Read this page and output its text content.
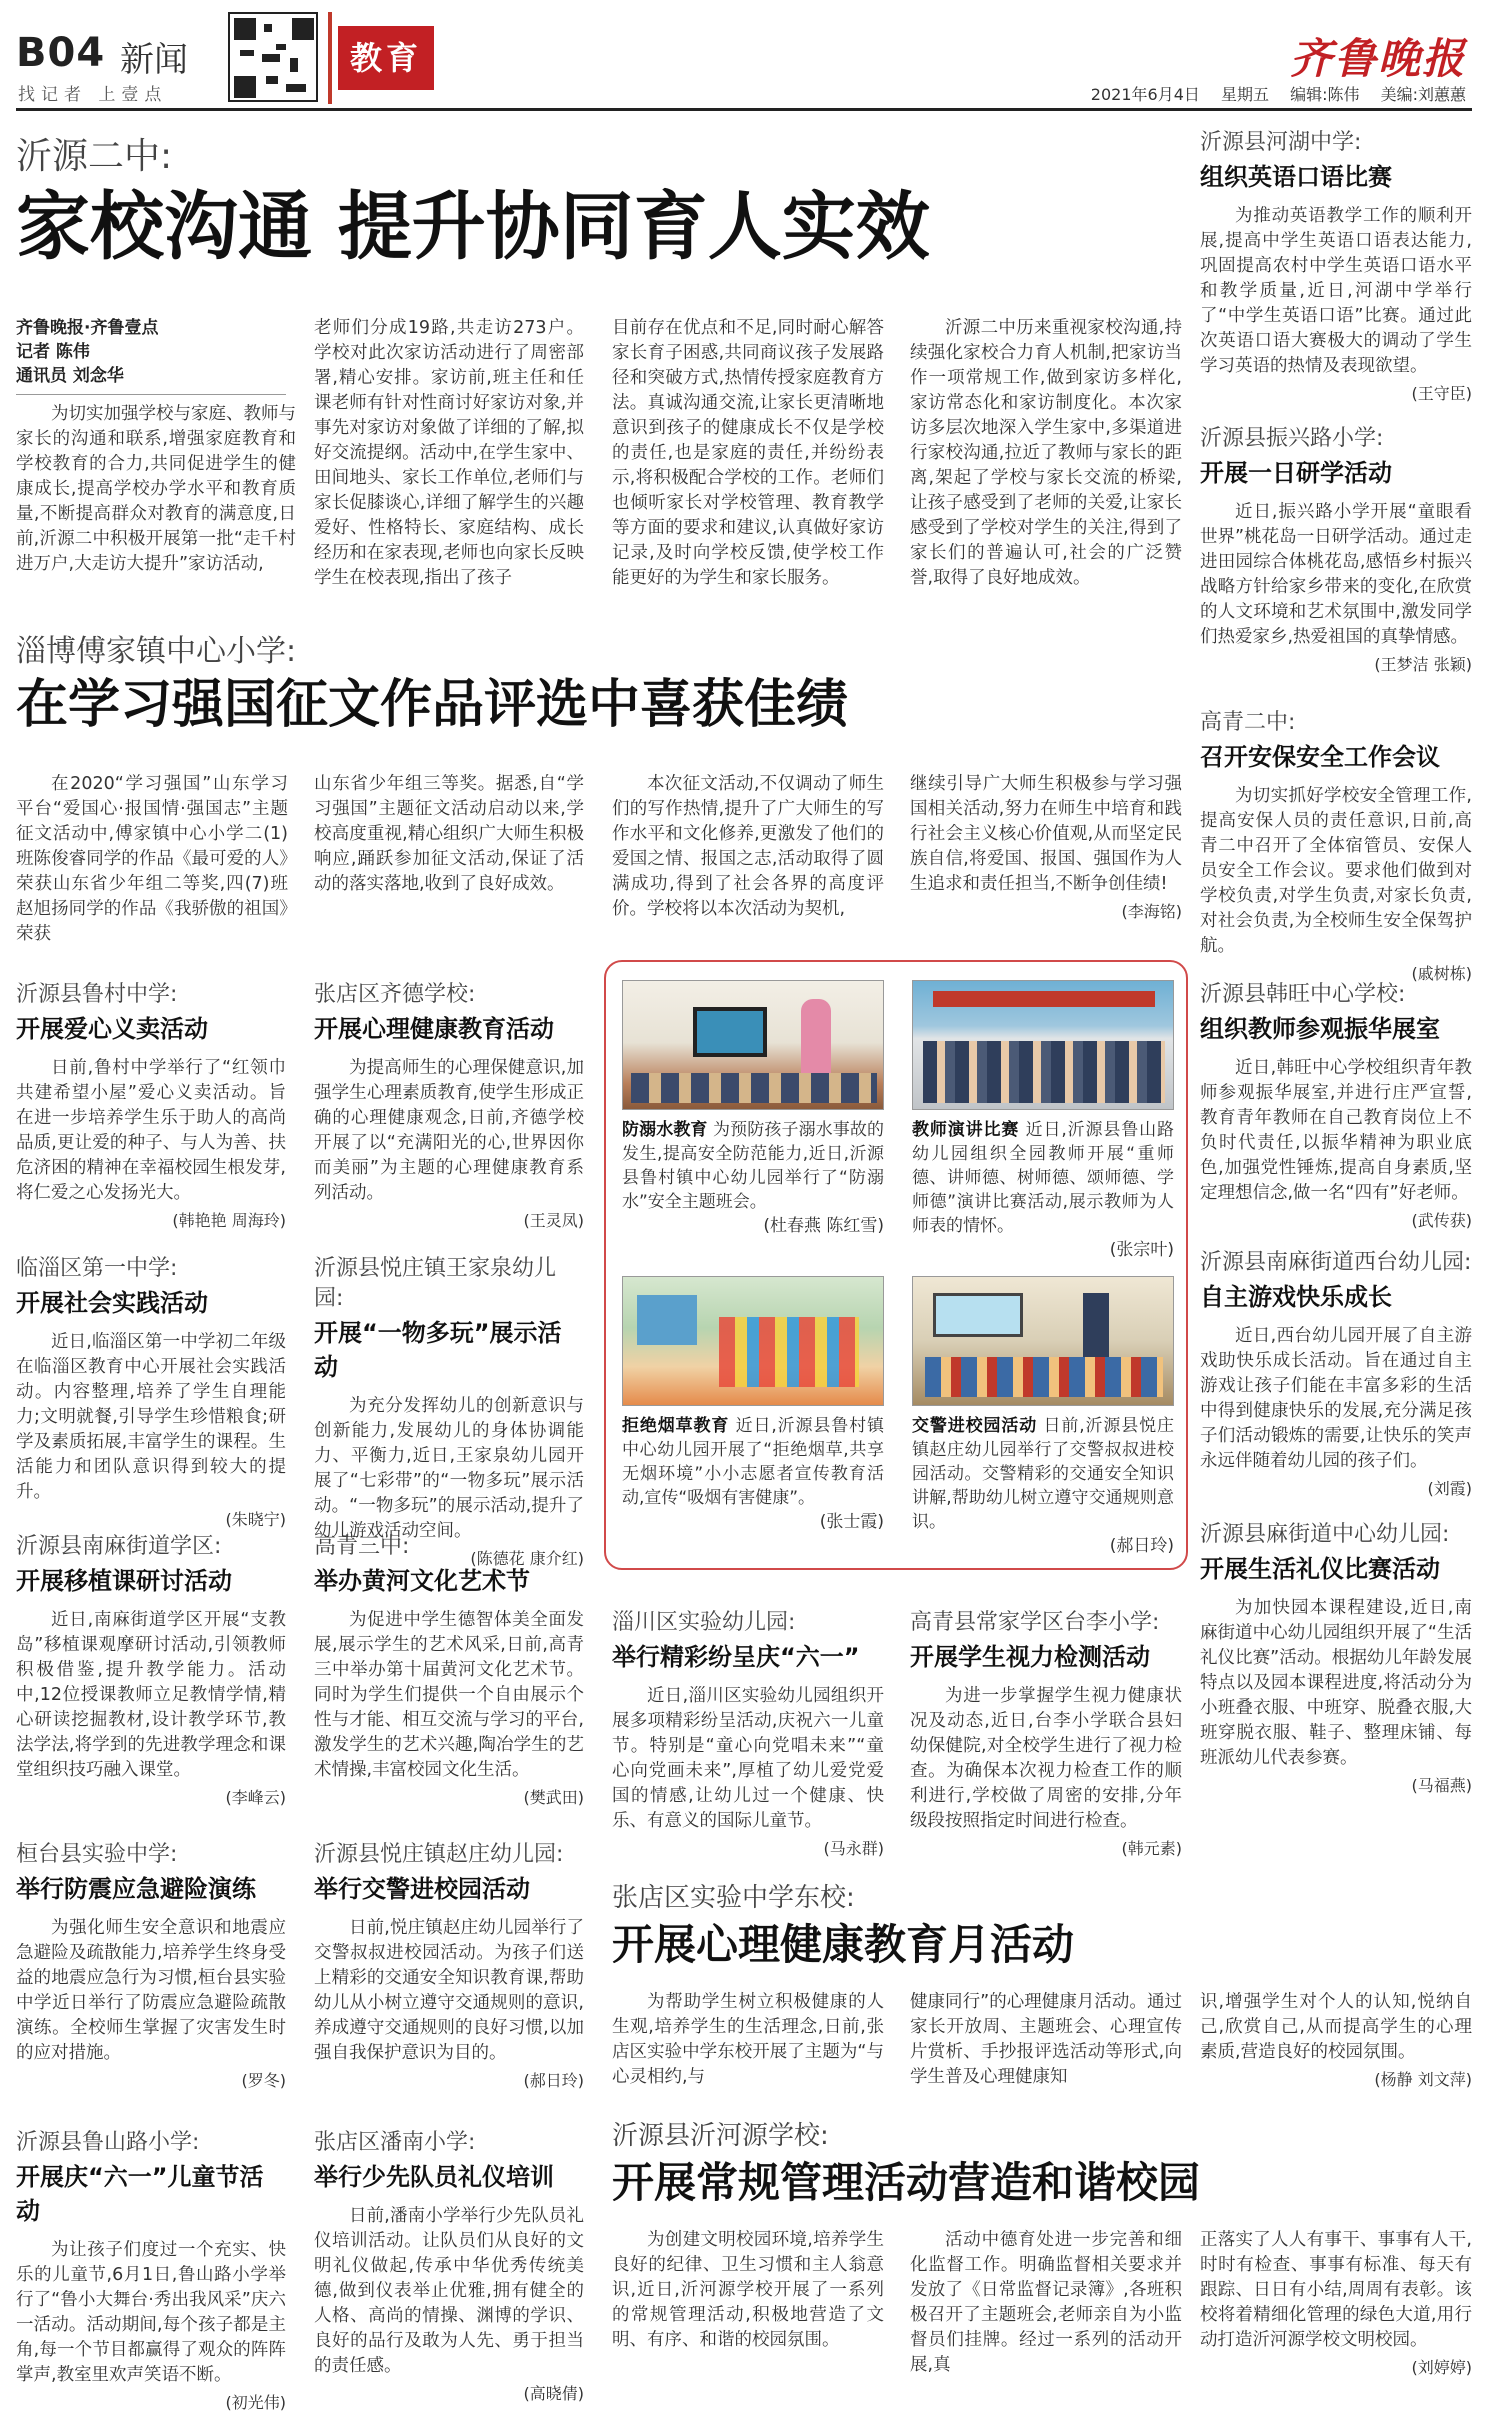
B04 新闻
找记者 上壹点
教育	齐鲁晚报
2021年6月4日 星期五 编辑:陈伟 美编:刘蕙蕙
沂源二中:
家校沟通 提升协同育人实效
齐鲁晚报·齐鲁壹点
记者 陈伟
通讯员 刘念华
为切实加强学校与家庭、教师与家长的沟通和联系,增强家庭教育和学校教育的合力,共同促进学生的健康成长,提高学校办学水平和教育质量,不断提高群众对教育的满意度,日前,沂源二中积极开展第一批“走千村进万户,大走访大提升”家访活动,
老师们分成19路,共走访273户。学校对此次家访活动进行了周密部署,精心安排。家访前,班主任和任课老师有针对性商讨好家访对象,并事先对家访对象做了详细的了解,拟好交流提纲。活动中,在学生家中、田间地头、家长工作单位,老师们与家长促膝谈心,详细了解学生的兴趣爱好、性格特长、家庭结构、成长经历和在家表现,老师也向家长反映学生在校表现,指出了孩子
目前存在优点和不足,同时耐心解答家长育子困惑,共同商议孩子发展路径和突破方式,热情传授家庭教育方法。真诚沟通交流,让家长更清晰地意识到孩子的健康成长不仅是学校的责任,也是家庭的责任,并纷纷表示,将积极配合学校的工作。老师们也倾听家长对学校管理、教育教学等方面的要求和建议,认真做好家访记录,及时向学校反馈,使学校工作能更好的为学生和家长服务。
沂源二中历来重视家校沟通,持续强化家校合力育人机制,把家访当作一项常规工作,做到家访多样化,家访常态化和家访制度化。本次家访多层次地深入学生家中,多渠道进行家校沟通,拉近了教师与家长的距离,架起了学校与家长交流的桥梁,让孩子感受到了老师的关爱,让家长感受到了学校对学生的关注,得到了家长们的普遍认可,社会的广泛赞誉,取得了良好地成效。
淄博傅家镇中心小学:
在学习强国征文作品评选中喜获佳绩
在2020“学习强国”山东学习平台“爱国心·报国情·强国志”主题征文活动中,傅家镇中心小学二(1)班陈俊睿同学的作品《最可爱的人》荣获山东省少年组二等奖,四(7)班赵旭扬同学的作品《我骄傲的祖国》荣获
山东省少年组三等奖。据悉,自“学习强国”主题征文活动启动以来,学校高度重视,精心组织广大师生积极响应,踊跃参加征文活动,保证了活动的落实落地,收到了良好成效。
本次征文活动,不仅调动了师生们的写作热情,提升了广大师生的写作水平和文化修养,更激发了他们的爱国之情、报国之志,活动取得了圆满成功,得到了社会各界的高度评价。学校将以本次活动为契机,
继续引导广大师生积极参与学习强国相关活动,努力在师生中培育和践行社会主义核心价值观,从而坚定民族自信,将爱国、报国、强国作为人生追求和责任担当,不断争创佳绩!
(李海铭)
沂源县河湖中学:
组织英语口语比赛
为推动英语教学工作的顺利开展,提高中学生英语口语表达能力,巩固提高农村中学生英语口语水平和教学质量,近日,河湖中学举行了“中学生英语口语”比赛。通过此次英语口语大赛极大的调动了学生学习英语的热情及表现欲望。
(王守臣)
沂源县振兴路小学:
开展一日研学活动
近日,振兴路小学开展“童眼看世界”桃花岛一日研学活动。通过走进田园综合体桃花岛,感悟乡村振兴战略方针给家乡带来的变化,在欣赏的人文环境和艺术氛围中,激发同学们热爱家乡,热爱祖国的真挚情感。
(王梦洁 张颖)
高青二中:
召开安保安全工作会议
为切实抓好学校安全管理工作,提高安保人员的责任意识,日前,高青二中召开了全体宿管员、安保人员安全工作会议。要求他们做到对学校负责,对学生负责,对家长负责,对社会负责,为全校师生安全保驾护航。
(戚树栋)
沂源县韩旺中心学校:
组织教师参观振华展室
近日,韩旺中心学校组织青年教师参观振华展室,并进行庄严宣誓,教育青年教师在自己教育岗位上不负时代责任,以振华精神为职业底色,加强党性锤炼,提高自身素质,坚定理想信念,做一名“四有”好老师。
(武传获)
沂源县南麻街道西台幼儿园:
自主游戏快乐成长
近日,西台幼儿园开展了自主游戏助快乐成长活动。旨在通过自主游戏让孩子们能在丰富多彩的生活中得到健康快乐的发展,充分满足孩子们活动锻炼的需要,让快乐的笑声永远伴随着幼儿园的孩子们。
(刘霞)
沂源县麻街道中心幼儿园:
开展生活礼仪比赛活动
为加快园本课程建设,近日,南麻街道中心幼儿园组织开展了“生活礼仪比赛”活动。根据幼儿年龄发展特点以及园本课程进度,将活动分为小班叠衣服、中班穿、脱叠衣服,大班穿脱衣服、鞋子、整理床铺、每班派幼儿代表参赛。
(马福燕)
沂源县鲁村中学:
开展爱心义卖活动
日前,鲁村中学举行了“红领巾共建希望小屋”爱心义卖活动。旨在进一步培养学生乐于助人的高尚品质,更让爱的种子、与人为善、扶危济困的精神在幸福校园生根发芽,将仁爱之心发扬光大。
(韩艳艳 周海玲)
张店区齐德学校:
开展心理健康教育活动
为提高师生的心理保健意识,加强学生心理素质教育,使学生形成正确的心理健康观念,日前,齐德学校开展了以“充满阳光的心,世界因你而美丽”为主题的心理健康教育系列活动。
(王灵凤)
临淄区第一中学:
开展社会实践活动
近日,临淄区第一中学初二年级在临淄区教育中心开展社会实践活动。内容整理,培养了学生自理能力;文明就餐,引导学生珍惜粮食;研学及素质拓展,丰富学生的课程。生活能力和团队意识得到较大的提升。
(朱晓宁)
沂源县悦庄镇王家泉幼儿园:
开展“一物多玩”展示活动
为充分发挥幼儿的创新意识与创新能力,发展幼儿的身体协调能力、平衡力,近日,王家泉幼儿园开展了“七彩带”的“一物多玩”展示活动。“一物多玩”的展示活动,提升了幼儿游戏活动空间。
(陈德花 康介红)
沂源县南麻街道学区:
开展移植课研讨活动
近日,南麻街道学区开展“支教岛”移植课观摩研讨活动,引领教师积极借鉴,提升教学能力。活动中,12位授课教师立足教情学情,精心研读挖掘教材,设计教学环节,教法学法,将学到的先进教学理念和课堂组织技巧融入课堂。
(李峰云)
高青三中:
举办黄河文化艺术节
为促进中学生德智体美全面发展,展示学生的艺术风采,日前,高青三中举办第十届黄河文化艺术节。同时为学生们提供一个自由展示个性与才能、相互交流与学习的平台,激发学生的艺术兴趣,陶冶学生的艺术情操,丰富校园文化生活。
(樊武田)
桓台县实验中学:
举行防震应急避险演练
为强化师生安全意识和地震应急避险及疏散能力,培养学生终身受益的地震应急行为习惯,桓台县实验中学近日举行了防震应急避险疏散演练。全校师生掌握了灾害发生时的应对措施。
(罗冬)
沂源县悦庄镇赵庄幼儿园:
举行交警进校园活动
日前,悦庄镇赵庄幼儿园举行了交警叔叔进校园活动。为孩子们送上精彩的交通安全知识教育课,帮助幼儿从小树立遵守交通规则的意识,养成遵守交通规则的良好习惯,以加强自我保护意识为目的。
(郝日玲)
沂源县鲁山路小学:
开展庆“六一”儿童节活动
为让孩子们度过一个充实、快乐的儿童节,6月1日,鲁山路小学举行了“鲁小大舞台·秀出我风采”庆六一活动。活动期间,每个孩子都是主角,每一个节目都赢得了观众的阵阵掌声,教室里欢声笑语不断。
(初光伟)
张店区潘南小学:
举行少先队员礼仪培训
日前,潘南小学举行少先队员礼仪培训活动。让队员们从良好的文明礼仪做起,传承中华优秀传统美德,做到仪表举止优雅,拥有健全的人格、高尚的情操、渊博的学识、良好的品行及敢为人先、勇于担当的责任感。
(高晓倩)
防溺水教育 为预防孩子溺水事故的发生,提高安全防范能力,近日,沂源县鲁村镇中心幼儿园举行了“防溺水”安全主题班会。
(杜春燕 陈红雪)
教师演讲比赛 近日,沂源县鲁山路幼儿园组织全园教师开展“重师德、讲师德、树师德、颂师德、学师德”演讲比赛活动,展示教师为人师表的情怀。
(张宗叶)
拒绝烟草教育 近日,沂源县鲁村镇中心幼儿园开展了“拒绝烟草,共享无烟环境”小小志愿者宣传教育活动,宣传“吸烟有害健康”。
(张士霞)
交警进校园活动 日前,沂源县悦庄镇赵庄幼儿园举行了交警叔叔进校园活动。交警精彩的交通安全知识讲解,帮助幼儿树立遵守交通规则意识。
(郝日玲)
淄川区实验幼儿园:
举行精彩纷呈庆“六一”
近日,淄川区实验幼儿园组织开展多项精彩纷呈活动,庆祝六一儿童节。特别是“童心向党唱未来”“童心向党画未来”,厚植了幼儿爱党爱国的情感,让幼儿过一个健康、快乐、有意义的国际儿童节。
(马永群)
高青县常家学区台李小学:
开展学生视力检测活动
为进一步掌握学生视力健康状况及动态,近日,台李小学联合县妇幼保健院,对全校学生进行了视力检查。为确保本次视力检查工作的顺利进行,学校做了周密的安排,分年级段按照指定时间进行检查。
(韩元素)
张店区实验中学东校:
开展心理健康教育月活动
为帮助学生树立积极健康的人生观,培养学生的生活理念,日前,张店区实验中学东校开展了主题为“与心灵相约,与
健康同行”的心理健康月活动。通过家长开放周、主题班会、心理宣传片赏析、手抄报评选活动等形式,向学生普及心理健康知
识,增强学生对个人的认知,悦纳自己,欣赏自己,从而提高学生的心理素质,营造良好的校园氛围。
(杨静 刘文萍)
沂源县沂河源学校:
开展常规管理活动营造和谐校园
为创建文明校园环境,培养学生良好的纪律、卫生习惯和主人翁意识,近日,沂河源学校开展了一系列的常规管理活动,积极地营造了文明、有序、和谐的校园氛围。
活动中德育处进一步完善和细化监督工作。明确监督相关要求并发放了《日常监督记录簿》,各班积极召开了主题班会,老师亲自为小监督员们挂牌。经过一系列的活动开展,真
正落实了人人有事干、事事有人干,时时有检查、事事有标准、每天有跟踪、日日有小结,周周有表彰。该校将着精细化管理的绿色大道,用行动打造沂河源学校文明校园。
(刘婷婷)
